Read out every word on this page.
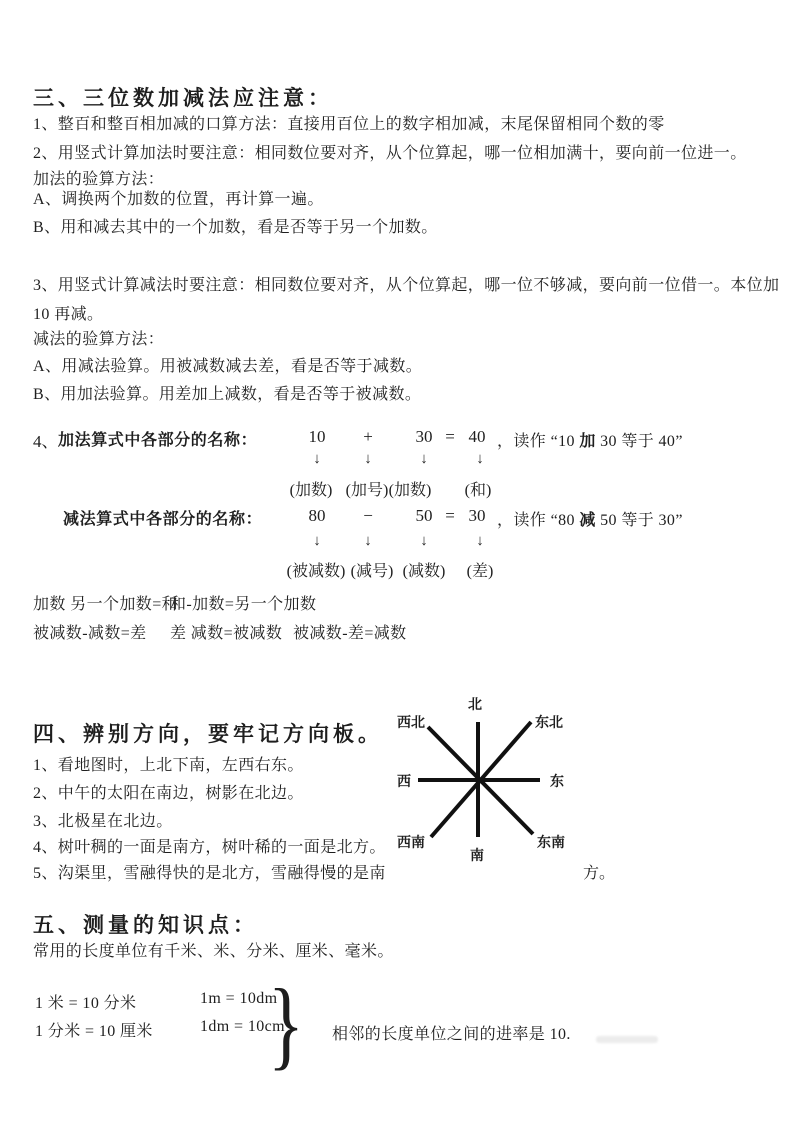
三、三位数加减法应注意：
1、整百和整百相加减的口算方法：直接用百位上的数字相加减，末尾保留相同个数的零
2、用竖式计算加法时要注意：相同数位要对齐，从个位算起，哪一位相加满十，要向前一位进一。
加法的验算方法：
A、调换两个加数的位置，再计算一遍。
B、用和减去其中的一个加数，看是否等于另一个加数。
3、用竖式计算减法时要注意：相同数位要对齐，从个位算起，哪一位不够减，要向前一位借一。本位加
10 再减。
减法的验算方法：
A、用减法验算。用被减数减去差，看是否等于减数。
B、用加法验算。用差加上减数，看是否等于被减数。
4、 加法算式中各部分的名称：	10 +	30 = 40 ，读作 “10 加 30 等于 40”
↓	↓	↓	↓
(加数) (加号) (加数) (和)
减法算式中各部分的名称：	80 −	50 = 30 ，读作 “80 减 50 等于 30”
↓	↓	↓	↓
(被减数) (减号) (减数) (差)
加数 另一个加数=和
和-加数=另一个加数
被减数-减数=差 差 减数=被减数 被减数-差=减数
四、辨别方向，要牢记方向板。
1、看地图时，上北下南，左西右东。
2、中午的太阳在南边，树影在北边。
3、北极星在北边。
4、树叶稠的一面是南方，树叶稀的一面是北方。
5、沟渠里，雪融得快的是北方，雪融得慢的是南	方。
北
东北
东
东南
南
西南
西
西北
五、测量的知识点：
常用的长度单位有千米、米、分米、厘米、毫米。
1 米 = 10 分米	1m = 10dm
1 分米 = 10 厘米	1dm = 10cm
} 相邻的长度单位之间的进率是 10.
